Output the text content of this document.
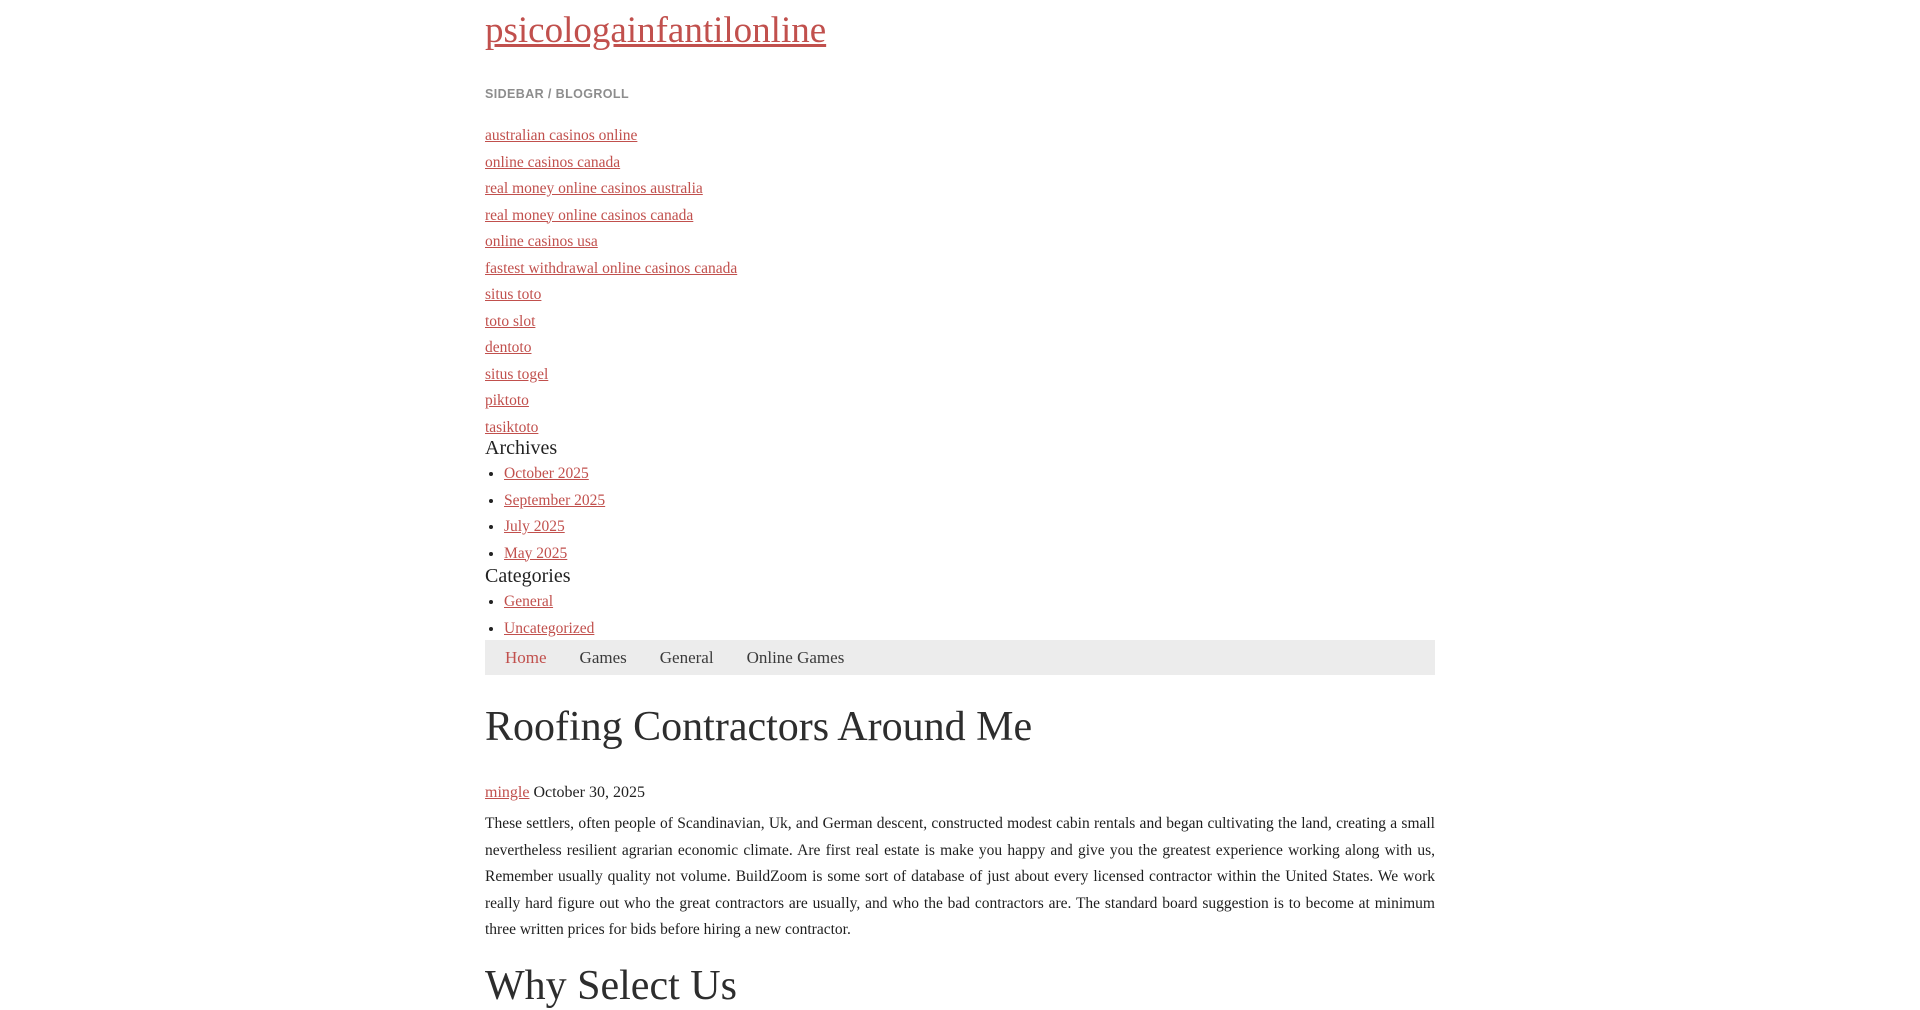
psicologainfantilonline
SIDEBAR / BLOGROLL
australian casinos online
online casinos canada
real money online casinos australia
real money online casinos canada
online casinos usa
fastest withdrawal online casinos canada
situs toto
toto slot
dentoto
situs togel
piktoto
tasiktoto
Archives
• October 2025
• September 2025
• July 2025
• May 2025
Categories
• General
• Uncategorized
Home Games General Online Games
Roofing Contractors Around Me
mingle October 30, 2025

These settlers, often people of Scandinavian, Uk, and German descent, constructed modest cabin rentals and began cultivating the land, creating a small nevertheless resilient agrarian economic climate. Are first real estate is make you happy and give you the greatest experience working along with us, Remember usually quality not volume. BuildZoom is some sort of database of just about every licensed contractor within the United States. We work really hard figure out who the great contractors are usually, and who the bad contractors are. The standard board suggestion is to become at minimum three written prices for bids before hiring a new contractor.

Why Select Us
